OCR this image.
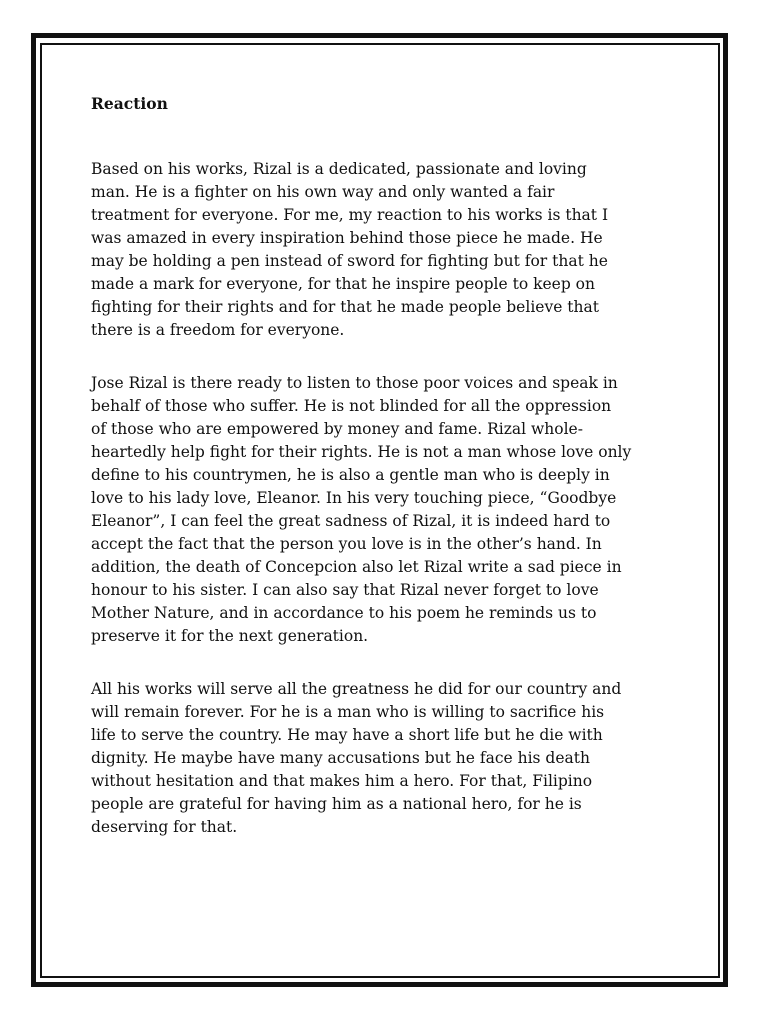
Reaction

Based on his works, Rizal is a dedicated, passionate and loving
man. He is a fighter on his own way and only wanted a fair
treatment for everyone. For me, my reaction to his works is that I
was amazed in every inspiration behind those piece he made. He
may be holding a pen instead of sword for fighting but for that he
made a mark for everyone, for that he inspire people to keep on
fighting for their rights and for that he made people believe that
there is a freedom for everyone.

Jose Rizal is there ready to listen to those poor voices and speak in
behalf of those who suffer. He is not blinded for all the oppression
of those who are empowered by money and fame. Rizal whole-
heartedly help fight for their rights. He is not a man whose love only
define to his countrymen, he is also a gentle man who is deeply in
love to his lady love, Eleanor. In his very touching piece, “Goodbye
Eleanor”, I can feel the great sadness of Rizal, it is indeed hard to
accept the fact that the person you love is in the other’s hand. In
addition, the death of Concepcion also let Rizal write a sad piece in
honour to his sister. I can also say that Rizal never forget to love
Mother Nature, and in accordance to his poem he reminds us to
preserve it for the next generation.

All his works will serve all the greatness he did for our country and
will remain forever. For he is a man who is willing to sacrifice his
life to serve the country. He may have a short life but he die with
dignity. He maybe have many accusations but he face his death
without hesitation and that makes him a hero. For that, Filipino
people are grateful for having him as a national hero, for he is
deserving for that.
